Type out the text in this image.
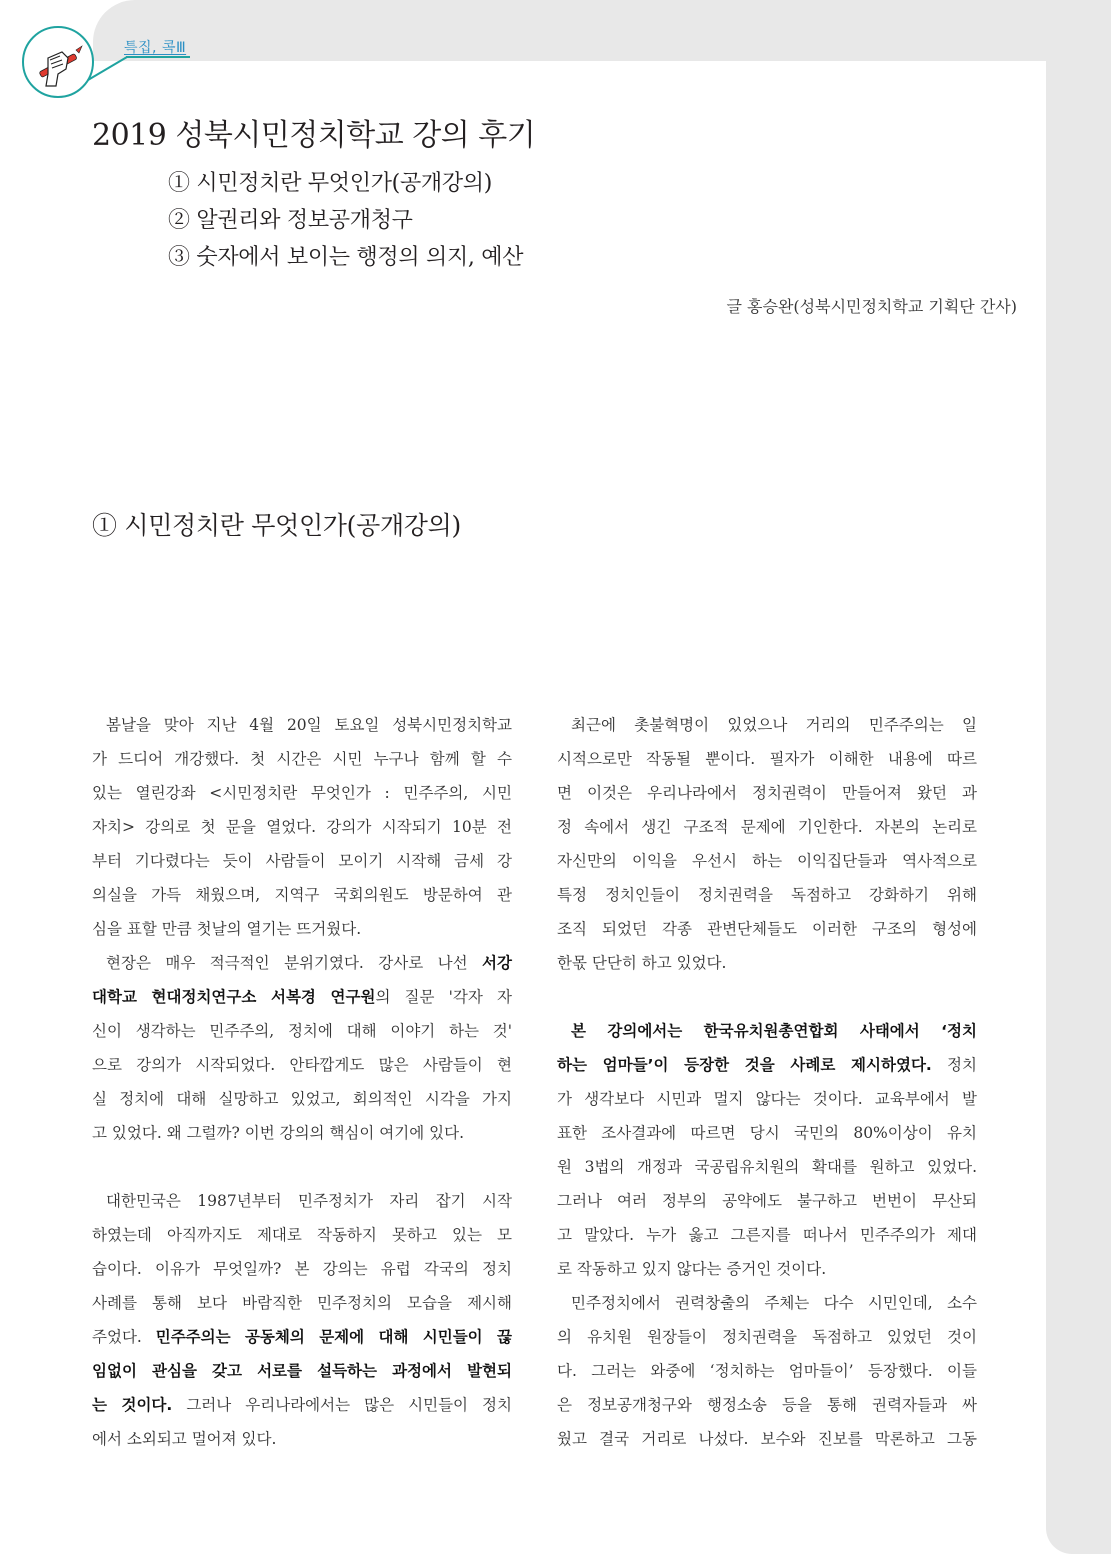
특집, 콕Ⅲ
2019 성북시민정치학교 강의 후기
① 시민정치란 무엇인가(공개강의)
② 알권리와 정보공개청구
③ 숫자에서 보이는 행정의 의지, 예산
글 홍승완(성북시민정치학교 기획단 간사)
① 시민정치란 무엇인가(공개강의)
봄날을 맞아 지난 4월 20일 토요일 성북시민정치학교
가 드디어 개강했다. 첫 시간은 시민 누구나 함께 할 수
있는 열린강좌 <시민정치란 무엇인가 : 민주주의, 시민
자치> 강의로 첫 문을 열었다. 강의가 시작되기 10분 전
부터 기다렸다는 듯이 사람들이 모이기 시작해 금세 강
의실을 가득 채웠으며, 지역구 국회의원도 방문하여 관
심을 표할 만큼 첫날의 열기는 뜨거웠다.
현장은 매우 적극적인 분위기였다. 강사로 나선 서강
대학교 현대정치연구소 서복경 연구원의 질문 '각자 자
신이 생각하는 민주주의, 정치에 대해 이야기 하는 것'
으로 강의가 시작되었다. 안타깝게도 많은 사람들이 현
실 정치에 대해 실망하고 있었고, 회의적인 시각을 가지
고 있었다. 왜 그럴까? 이번 강의의 핵심이 여기에 있다.
대한민국은 1987년부터 민주정치가 자리 잡기 시작
하였는데 아직까지도 제대로 작동하지 못하고 있는 모
습이다. 이유가 무엇일까? 본 강의는 유럽 각국의 정치
사례를 통해 보다 바람직한 민주정치의 모습을 제시해
주었다. 민주주의는 공동체의 문제에 대해 시민들이 끊
임없이 관심을 갖고 서로를 설득하는 과정에서 발현되
는 것이다. 그러나 우리나라에서는 많은 시민들이 정치
에서 소외되고 멀어져 있다.
최근에 촛불혁명이 있었으나 거리의 민주주의는 일
시적으로만 작동될 뿐이다. 필자가 이해한 내용에 따르
면 이것은 우리나라에서 정치권력이 만들어져 왔던 과
정 속에서 생긴 구조적 문제에 기인한다. 자본의 논리로
자신만의 이익을 우선시 하는 이익집단들과 역사적으로
특정 정치인들이 정치권력을 독점하고 강화하기 위해
조직 되었던 각종 관변단체들도 이러한 구조의 형성에
한몫 단단히 하고 있었다.
본 강의에서는 한국유치원총연합회 사태에서 ‘정치
하는 엄마들’이 등장한 것을 사례로 제시하였다. 정치
가 생각보다 시민과 멀지 않다는 것이다. 교육부에서 발
표한 조사결과에 따르면 당시 국민의 80%이상이 유치
원 3법의 개정과 국공립유치원의 확대를 원하고 있었다.
그러나 여러 정부의 공약에도 불구하고 번번이 무산되
고 말았다. 누가 옳고 그른지를 떠나서 민주주의가 제대
로 작동하고 있지 않다는 증거인 것이다.
민주정치에서 권력창출의 주체는 다수 시민인데, 소수
의 유치원 원장들이 정치권력을 독점하고 있었던 것이
다. 그러는 와중에 ‘정치하는 엄마들이’ 등장했다. 이들
은 정보공개청구와 행정소송 등을 통해 권력자들과 싸
웠고 결국 거리로 나섰다. 보수와 진보를 막론하고 그동
